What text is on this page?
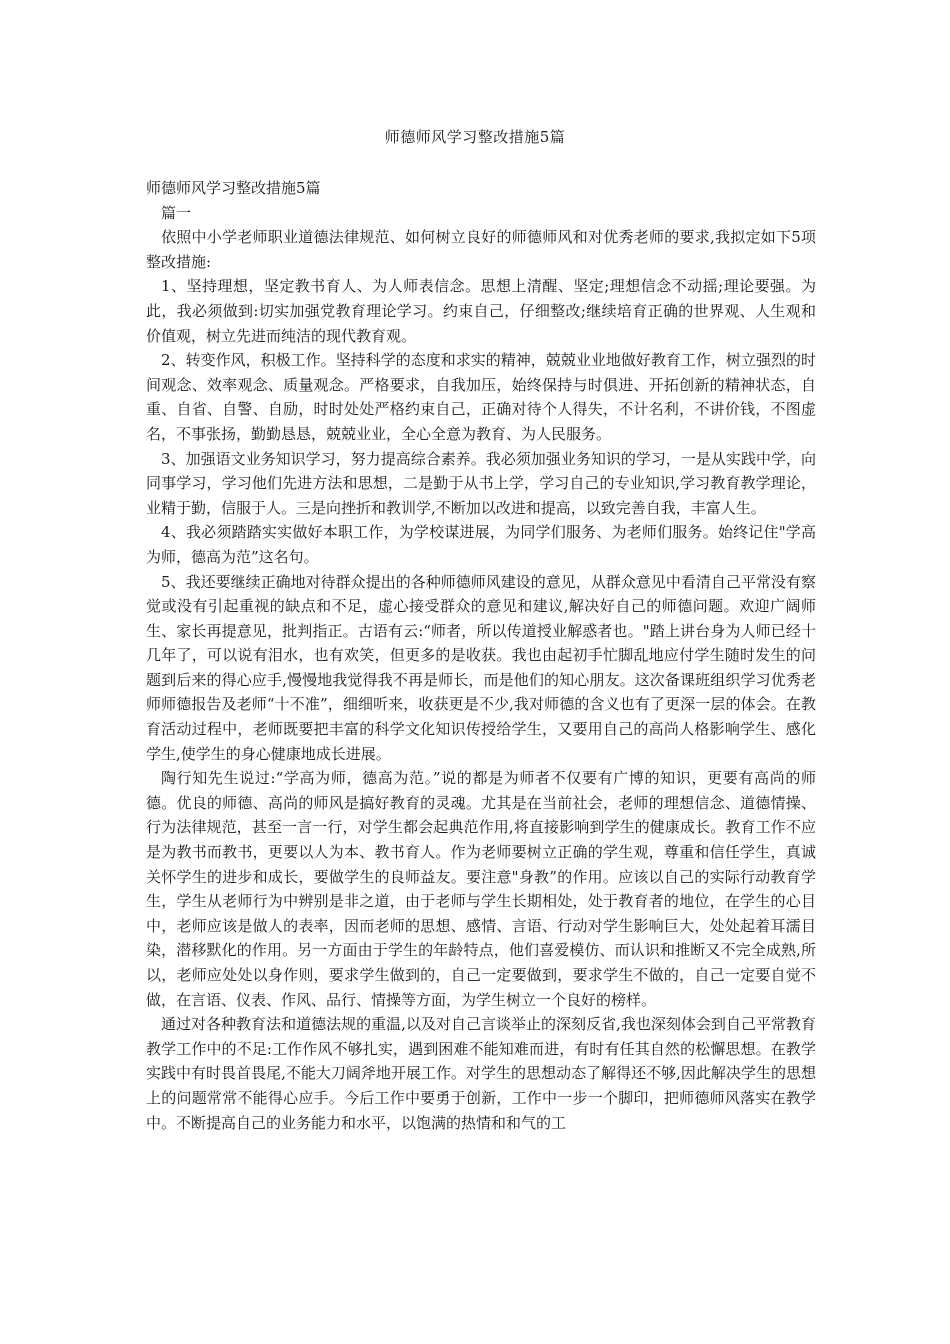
师德师风学习整改措施5篇

师德师风学习整改措施5篇

篇一

依照中小学老师职业道德法律规范、如何树立良好的师德师风和对优秀老师的要求,我拟定如下5项整改措施:

1、坚持理想，坚定教书育人、为人师表信念。思想上清醒、坚定;理想信念不动摇;理论要强。为此，我必须做到:切实加强党教育理论学习。约束自己，仔细整改;继续培育正确的世界观、人生观和价值观，树立先进而纯洁的现代教育观。

2、转变作风，积极工作。坚持科学的态度和求实的精神，兢兢业业地做好教育工作，树立强烈的时间观念、效率观念、质量观念。严格要求，自我加压，始终保持与时俱进、开拓创新的精神状态，自重、自省、自警、自励，时时处处严格约束自己，正确对待个人得失，不计名利，不讲价钱，不图虚名，不事张扬，勤勤恳恳，兢兢业业，全心全意为教育、为人民服务。

3、加强语文业务知识学习，努力提高综合素养。我必须加强业务知识的学习，一是从实践中学，向同事学习，学习他们先进方法和思想，二是勤于从书上学，学习自己的专业知识,学习教育教学理论，业精于勤，信服于人。三是向挫折和教训学,不断加以改进和提高，以致完善自我，丰富人生。

4、我必须踏踏实实做好本职工作，为学校谋进展，为同学们服务、为老师们服务。始终记住"学高为师，德高为范”这名句。

5、我还要继续正确地对待群众提出的各种师德师风建设的意见，从群众意见中看清自己平常没有察觉或没有引起重视的缺点和不足，虚心接受群众的意见和建议,解决好自己的师德问题。欢迎广阔师生、家长再提意见，批判指正。古语有云:“师者，所以传道授业解惑者也。"踏上讲台身为人师已经十几年了，可以说有泪水，也有欢笑，但更多的是收获。我也由起初手忙脚乱地应付学生随时发生的问题到后来的得心应手,慢慢地我觉得我不再是师长，而是他们的知心朋友。这次备课班组织学习优秀老师师德报告及老师“十不准”，细细听来，收获更是不少,我对师德的含义也有了更深一层的体会。在教育活动过程中，老师既要把丰富的科学文化知识传授给学生，又要用自己的高尚人格影响学生、感化学生,使学生的身心健康地成长进展。

陶行知先生说过:“学高为师，德高为范。”说的都是为师者不仅要有广博的知识，更要有高尚的师德。优良的师德、高尚的师风是搞好教育的灵魂。尤其是在当前社会，老师的理想信念、道德情操、行为法律规范，甚至一言一行，对学生都会起典范作用,将直接影响到学生的健康成长。教育工作不应是为教书而教书，更要以人为本、教书育人。作为老师要树立正确的学生观，尊重和信任学生，真诚关怀学生的进步和成长，要做学生的良师益友。要注意"身教”的作用。应该以自己的实际行动教育学生，学生从老师行为中辨别是非之道，由于老师与学生长期相处，处于教育者的地位，在学生的心目中，老师应该是做人的表率，因而老师的思想、感情、言语、行动对学生影响巨大，处处起着耳濡目染，潜移默化的作用。另一方面由于学生的年龄特点，他们喜爱模仿、而认识和推断又不完全成熟,所以，老师应处处以身作则，要求学生做到的，自己一定要做到，要求学生不做的，自己一定要自觉不做，在言语、仪表、作风、品行、情操等方面，为学生树立一个良好的榜样。

通过对各种教育法和道德法规的重温,以及对自己言谈举止的深刻反省,我也深刻体会到自己平常教育教学工作中的不足:工作作风不够扎实，遇到困难不能知难而进，有时有任其自然的松懈思想。在教学实践中有时畏首畏尾,不能大刀阔斧地开展工作。对学生的思想动态了解得还不够,因此解决学生的思想上的问题常常不能得心应手。今后工作中要勇于创新，工作中一步一个脚印，把师德师风落实在教学中。不断提高自己的业务能力和水平，以饱满的热情和和气的工
